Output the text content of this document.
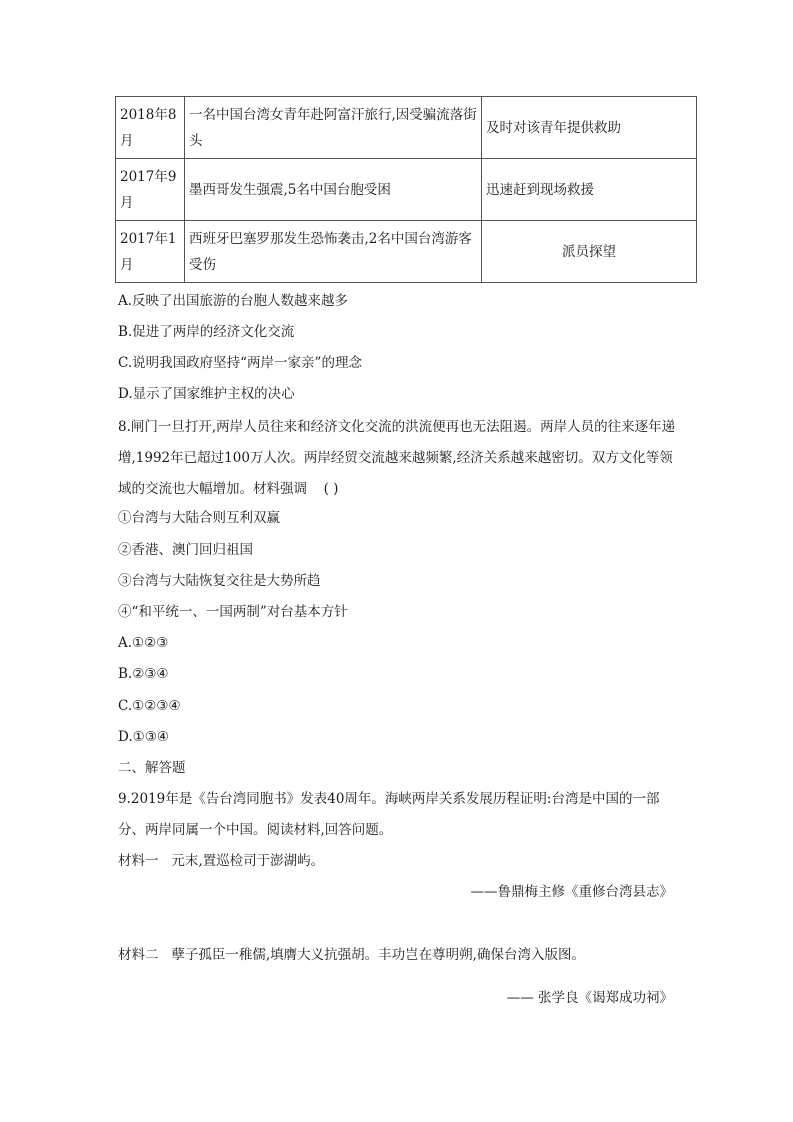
2018年8月	一名中国台湾女青年赴阿富汗旅行,因受骗流落街头	及时对该青年提供救助
2017年9月	墨西哥发生强震,5名中国台胞受困	迅速赶到现场救援
2017年1月	西班牙巴塞罗那发生恐怖袭击,2名中国台湾游客受伤	派员探望
A.反映了出国旅游的台胞人数越来越多
B.促进了两岸的经济文化交流
C.说明我国政府坚持“两岸一家亲”的理念
D.显示了国家维护主权的决心
8.闸门一旦打开,两岸人员往来和经济文化交流的洪流便再也无法阻遏。两岸人员的往来逐年递增,1992年已超过100万人次。两岸经贸交流越来越频繁,经济关系越来越密切。双方文化等领域的交流也大幅增加。材料强调 ( )
①台湾与大陆合则互利双赢
②香港、澳门回归祖国
③台湾与大陆恢复交往是大势所趋
④“和平统一、一国两制”对台基本方针
A.①②③
B.②③④
C.①②③④
D.①③④
二、解答题
9.2019年是《告台湾同胞书》发表40周年。海峡两岸关系发展历程证明:台湾是中国的一部分、两岸同属一个中国。阅读材料,回答问题。
材料一 元末,置巡检司于澎湖屿。
——鲁鼎梅主修《重修台湾县志》
材料二 孽子孤臣一稚儒,填膺大义抗强胡。丰功岂在尊明朔,确保台湾入版图。
—— 张学良《谒郑成功祠》
